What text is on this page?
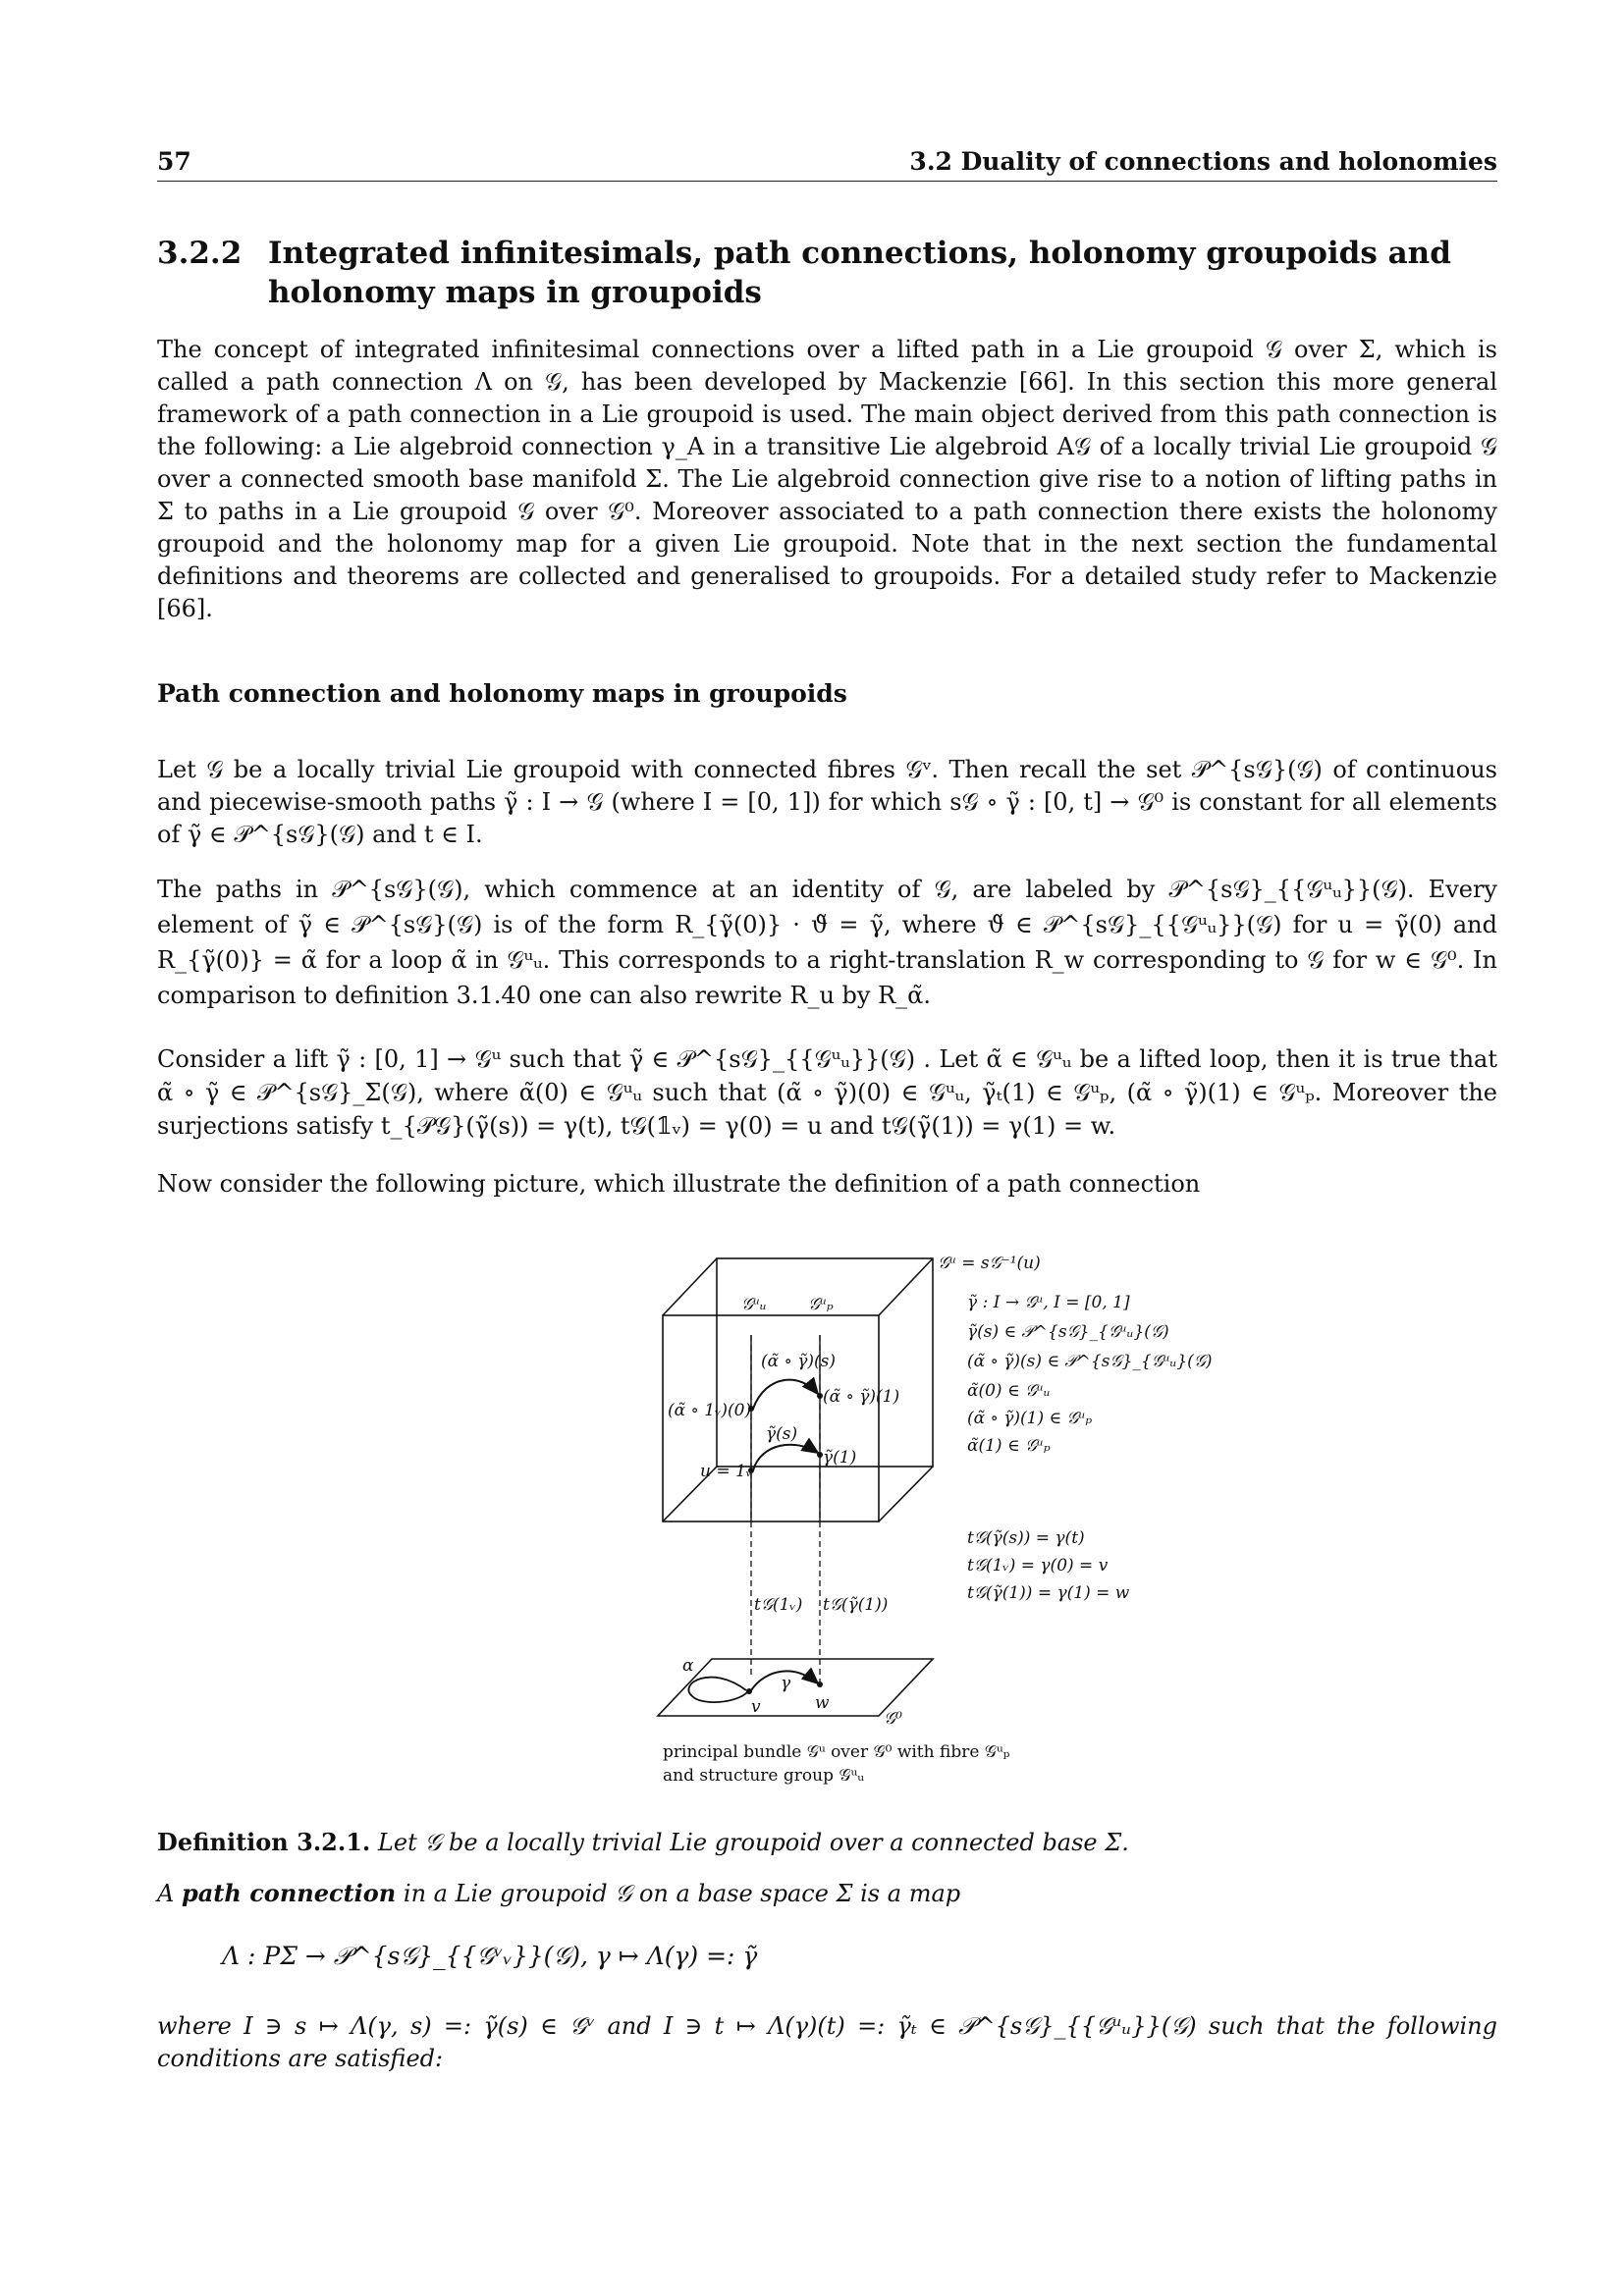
57	3.2 Duality of connections and holonomies
3.2.2 Integrated infinitesimals, path connections, holonomy groupoids and holonomy maps in groupoids

The concept of integrated infinitesimal connections over a lifted path in a Lie groupoid 𝒢 over Σ, which is called a path connection Λ on 𝒢, has been developed by Mackenzie [66]. In this section this more general framework of a path connection in a Lie groupoid is used. The main object derived from this path connection is the following: a Lie algebroid connection γ_A in a transitive Lie algebroid A𝒢 of a locally trivial Lie groupoid 𝒢 over a connected smooth base manifold Σ. The Lie algebroid connection give rise to a notion of lifting paths in Σ to paths in a Lie groupoid 𝒢 over 𝒢⁰. Moreover associated to a path connection there exists the holonomy groupoid and the holonomy map for a given Lie groupoid. Note that in the next section the fundamental definitions and theorems are collected and generalised to groupoids. For a detailed study refer to Mackenzie [66].

Path connection and holonomy maps in groupoids

Let 𝒢 be a locally trivial Lie groupoid with connected fibres 𝒢ᵛ. Then recall the set 𝒫^{s𝒢}(𝒢) of continuous and piecewise-smooth paths γ̃ : I → 𝒢 (where I = [0, 1]) for which s𝒢 ∘ γ̃ : [0, t] → 𝒢⁰ is constant for all elements of γ̃ ∈ 𝒫^{s𝒢}(𝒢) and t ∈ I.

The paths in 𝒫^{s𝒢}(𝒢), which commence at an identity of 𝒢, are labeled by 𝒫^{s𝒢}_{{𝒢ᵘᵤ}}(𝒢). Every element of γ̃ ∈ 𝒫^{s𝒢}(𝒢) is of the form R_{γ̃(0)} · ϑ̃ = γ̃, where ϑ̃ ∈ 𝒫^{s𝒢}_{{𝒢ᵘᵤ}}(𝒢) for u = γ̃(0) and R_{γ̃(0)} = α̃ for a loop α̃ in 𝒢ᵘᵤ. This corresponds to a right-translation R_w corresponding to 𝒢 for w ∈ 𝒢⁰. In comparison to definition 3.1.40 one can also rewrite R_u by R_α̃.

Consider a lift γ̃ : [0, 1] → 𝒢ᵘ such that γ̃ ∈ 𝒫^{s𝒢}_{{𝒢ᵘᵤ}}(𝒢) . Let α̃ ∈ 𝒢ᵘᵤ be a lifted loop, then it is true that α̃ ∘ γ̃ ∈ 𝒫^{s𝒢}_Σ(𝒢), where α̃(0) ∈ 𝒢ᵘᵤ such that (α̃ ∘ γ̃)(0) ∈ 𝒢ᵘᵤ, γ̃ₜ(1) ∈ 𝒢ᵘₚ, (α̃ ∘ γ̃)(1) ∈ 𝒢ᵘₚ. Moreover the surjections satisfy t_{𝒫𝒢}(γ̃(s)) = γ(t), t𝒢(𝟙ᵥ) = γ(0) = u and t𝒢(γ̃(1)) = γ(1) = w.

Now consider the following picture, which illustrate the definition of a path connection

𝒢ᵘᵤ 𝒢ᵘₚ
(α̃ ∘ γ̃)(s)
(α̃ ∘ 1ᵥ)(0)
(α̃ ∘ γ̃)(1)
γ̃(s)
γ̃(1)
u = 1ᵥ
t𝒢(1ᵥ) t𝒢(γ̃(1))
α
γ
v	w
𝒢⁰
𝒢ᵘ = s𝒢⁻¹(u)
γ̃ : I → 𝒢ᵘ, I = [0, 1]
γ̃(s) ∈ 𝒫^{s𝒢}_{𝒢ᵘᵤ}(𝒢)
(α̃ ∘ γ̃)(s) ∈ 𝒫^{s𝒢}_{𝒢ᵘᵤ}(𝒢)
α̃(0) ∈ 𝒢ᵘᵤ
(α̃ ∘ γ̃)(1) ∈ 𝒢ᵘₚ
α̃(1) ∈ 𝒢ᵘₚ
t𝒢(γ̃(s)) = γ(t)
t𝒢(1ᵥ) = γ(0) = v
t𝒢(γ̃(1)) = γ(1) = w
principal bundle 𝒢ᵘ over 𝒢⁰ with fibre 𝒢ᵘₚ
and structure group 𝒢ᵘᵤ

Definition 3.2.1. Let 𝒢 be a locally trivial Lie groupoid over a connected base Σ.

A path connection in a Lie groupoid 𝒢 on a base space Σ is a map

Λ : PΣ → 𝒫^{s𝒢}_{{𝒢ᵛᵥ}}(𝒢), γ ↦ Λ(γ) =: γ̃

where I ∋ s ↦ Λ(γ, s) =: γ̃(s) ∈ 𝒢ᵛ and I ∋ t ↦ Λ(γ)(t) =: γ̃ₜ ∈ 𝒫^{s𝒢}_{{𝒢ᵘᵤ}}(𝒢) such that the following conditions are satisfied:
